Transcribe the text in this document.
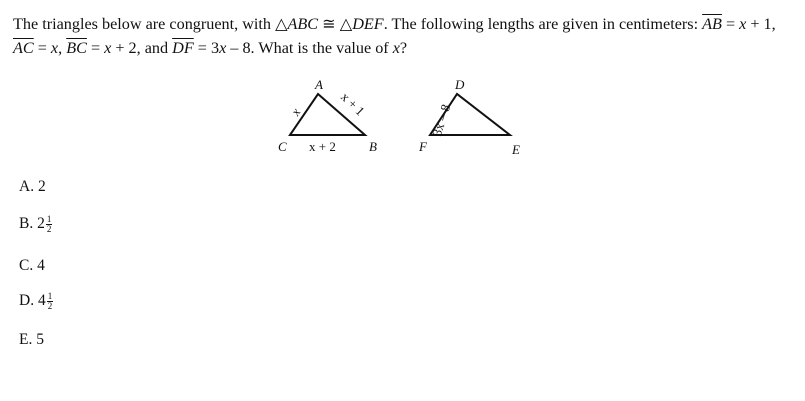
The triangles below are congruent, with △ABC ≅ △DEF. The following lengths are given in centimeters: $\overline{AB} = x + 1$, $\overline{AC} = x$, $\overline{BC} = x + 2$, and $\overline{DF} = 3x - 8$. What is the value of x?
A
C	B
x	x + 1
x + 2
D
F	E
3x – 8
A. 2
B. $2 \frac{1}{2}$
C. 4
D. $4 \frac{1}{2}$
E. 5
